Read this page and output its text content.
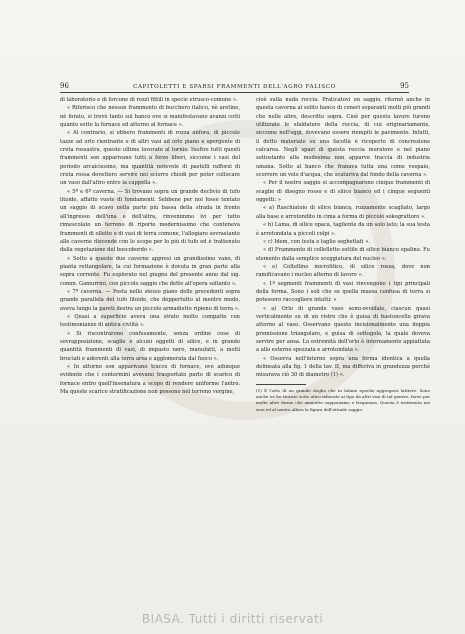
96	CAPITOLETTI E SPARSI FRAMMENTI DELL'AGRO FALISCO	95

di laboratorio e di forcone di rozzi fittili in specie etrusco-comune ».

« Riferisco che nessun frammento di bucchero italico, nè aretino, nè forato, si trovò tanto sul banco ove si manifestavano avanzi cotti quanto sotto la fornace ed attorno al fornace ».

« Al contrario, si ebbero frammenti di rozza anfora, di piccole tazze ad orlo rientrante e di altri vasi ad orlo piano e sporgente di creta rossastra, queste ultime lavorate al tornio. Inoltre tutti questi frammenti son apparivano tutti a forze liberi, siccome i vasi del periodo arcaicissimo, ma quantità notevole di pastelli rafforzi di creta rossa dovettero servire nei sciorre chiodi per poter collocare un vaso dall'altro entro la cappella ».

« 5ª e 6ª caverna. — Si trovano sopra un grande declivio di tufo litoide, affatto vuote di fondamenti. Sebbene per noi fosse tentato un saggio di scavo nella parte più bassa della strada in fronte all'ingresso dell'una e dell'altra, rinvenimmo ivi per tutto rimescolato un terreno di riporto modernissimo che conteneva frammenti di ollette e di vasi di terra comune, l'allogiare sovrastante alle caverne discende con lo scopo per lo più di tufo ed è trattenuto dalla vegetazione del boscobordo ».

« Sotto a queste due caverne appresi un grandissimo vano, di pianta rettangolare, la cui formazione è dovuta in gran parte alla sopra corrente. Fu esplorato nel giugno del presente anno dal sig. comm. Gamurrini, con piccolo saggio che dette all'opera soltanto ».

« 7ª caverna. — Posta nello stesso piano delle precedenti sopra grande parallela del tufo litoide, che doppertutto al mentre modo, aveva lungo la pareti destra un piccolo armadietto ripieno di terra ».

« Quasi a superficie aveva una strato molto compatto con testimonianze di antica civiltà ».

« Si riscontrarono confusamente, senza ordine cose di sovrapposizione, scaglie e alcuni oggetti di silice, e in grande quantità frammenti di vasi, di impasto nero, manufatti, a molti bruciati e aderenti alla terra arsa e agglomerata dal fuoco ».

« In attorno son apparivano tracce di fornace, ove adunque evidente che i contermini avevano trasportato parte di scarico di fornace entro quell'insenatura a scopo di rendere uniforme l'antro. Ma queste scarico stratificazione non possono nel terreno vergine,

cioè sulla nuda roccia. Praticatovi un saggio, ritornò anche in questa caverna al solito banco di ceneri separanti molti più grandi che nelle altre, descritto sopra. Cioè per questo lavoro furono utilizzate le sfaldature della roccia, di cui originariamente, siccome nell'oggi, dovevano essere riempiti le pavimento. Infatti, il detto materiale su una facoltà è ricoperto di concrezione calcarea. Negli spazi di questa roccia muratore e nel piano sottostante alla medesima non apparve traccia di industria umana. Sotto al banco che franava tutta una come vespaio, scorrere un velo d'acqua, che scaturiva dal fondo della caverna ».

« Per il nostro saggio si accompagnarono cinque frammenti di scaglie di disegno rosso e di silice bianco ed i cinque seguenti oggetti: »

« a) Raschiatoio di silice bianca, rozzamente scagliato, largo alla base e arrotondito in cima a forma di piccolo sokograttoro ».

« b) Lama, di silice opaca, tagliente da un solo lato; la sua testa è arrotondata a piccoli colpi ».

« c) Idem, con testa e taglio seghettati ».

« d) Frammento di collelletto sottile di silice bianco opalino. Fu elemento dalla semplice sceggiatura del nucleo ».

« e) Coltellino microlitico, di silice rossa, dove non ramificavano i nucleo alterno di lavoro ».

« 1º segmenti frammenti di vasi rinvengono i tipi principali della forma. Sono i soli che se quella massa confusa di terra si potessero raccogliere intatti: »

« a) Orlo di grande vaso semi-ovoidale, ciascun quasi verticalmente su di un ristro che è guisa di bastoncello girava attorno al vaso. Osservano questo incisionalmente una doppia premissione triangolare, e guisa di sottogola, la quale doveva servire per ansa. Lo estremità dell'orlo è internamente appiattata a allo esterno spezzata e arrotondata ».

« Osserva nell'interno sopra una forma identica a quella delineata alla fig. 1 della tav. II, ma differiva in grandezza perchè misurava ciò 30 di diametro (1) ».

(1) È l'orlo di un grande doglio che in talune epoche aggregava lattiere. Sono anche ne ho trovato sotto altro infiorate ai tipo da altri vasi di tal genere, forse per molte altre forme che ammette supponiamo e frequenza. Questa è trattenuta nei suoi ed al nostro allora la figura dell'attuale saggio.
BIASA. Tutti i diritti riservati
